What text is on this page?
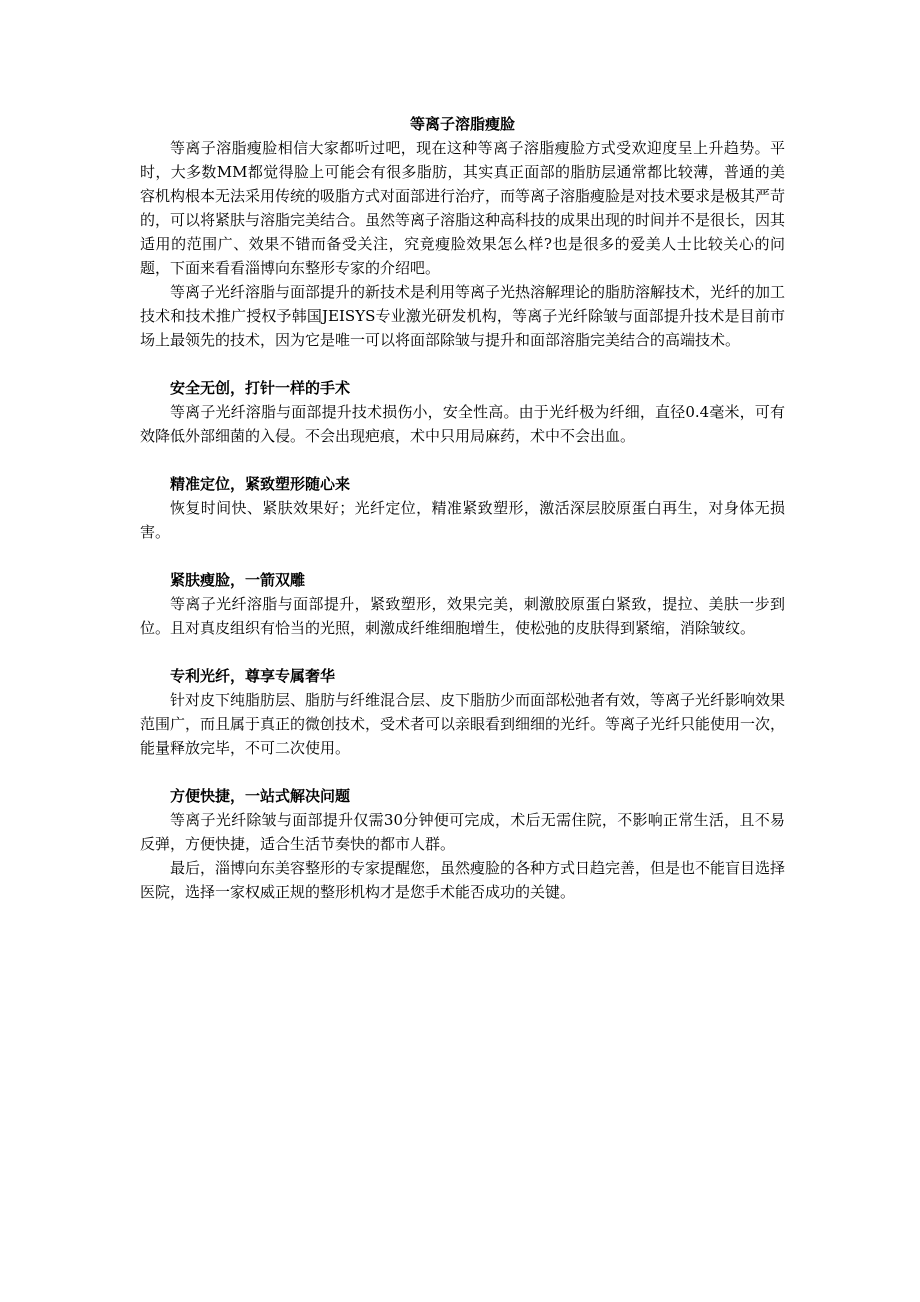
等离子溶脂瘦脸

等离子溶脂瘦脸相信大家都听过吧，现在这种等离子溶脂瘦脸方式受欢迎度呈上升趋势。平时，大多数MM都觉得脸上可能会有很多脂肪，其实真正面部的脂肪层通常都比较薄，普通的美容机构根本无法采用传统的吸脂方式对面部进行治疗，而等离子溶脂瘦脸是对技术要求是极其严苛的，可以将紧肤与溶脂完美结合。虽然等离子溶脂这种高科技的成果出现的时间并不是很长，因其适用的范围广、效果不错而备受关注，究竟瘦脸效果怎么样?也是很多的爱美人士比较关心的问题，下面来看看淄博向东整形专家的介绍吧。

等离子光纤溶脂与面部提升的新技术是利用等离子光热溶解理论的脂肪溶解技术，光纤的加工技术和技术推广授权予韩国JEISYS专业激光研发机构，等离子光纤除皱与面部提升技术是目前市场上最领先的技术，因为它是唯一可以将面部除皱与提升和面部溶脂完美结合的高端技术。

安全无创，打针一样的手术

等离子光纤溶脂与面部提升技术损伤小，安全性高。由于光纤极为纤细，直径0.4毫米，可有效降低外部细菌的入侵。不会出现疤痕，术中只用局麻药，术中不会出血。

精准定位，紧致塑形随心来

恢复时间快、紧肤效果好；光纤定位，精准紧致塑形，激活深层胶原蛋白再生，对身体无损害。

紧肤瘦脸，一箭双雕

等离子光纤溶脂与面部提升，紧致塑形，效果完美，刺激胶原蛋白紧致，提拉、美肤一步到位。且对真皮组织有恰当的光照，刺激成纤维细胞增生，使松弛的皮肤得到紧缩，消除皱纹。

专利光纤，尊享专属奢华

针对皮下纯脂肪层、脂肪与纤维混合层、皮下脂肪少而面部松弛者有效，等离子光纤影响效果范围广，而且属于真正的微创技术，受术者可以亲眼看到细细的光纤。等离子光纤只能使用一次，能量释放完毕，不可二次使用。

方便快捷，一站式解决问题

等离子光纤除皱与面部提升仅需30分钟便可完成，术后无需住院，不影响正常生活，且不易反弹，方便快捷，适合生活节奏快的都市人群。

最后，淄博向东美容整形的专家提醒您，虽然瘦脸的各种方式日趋完善，但是也不能盲目选择医院，选择一家权威正规的整形机构才是您手术能否成功的关键。
